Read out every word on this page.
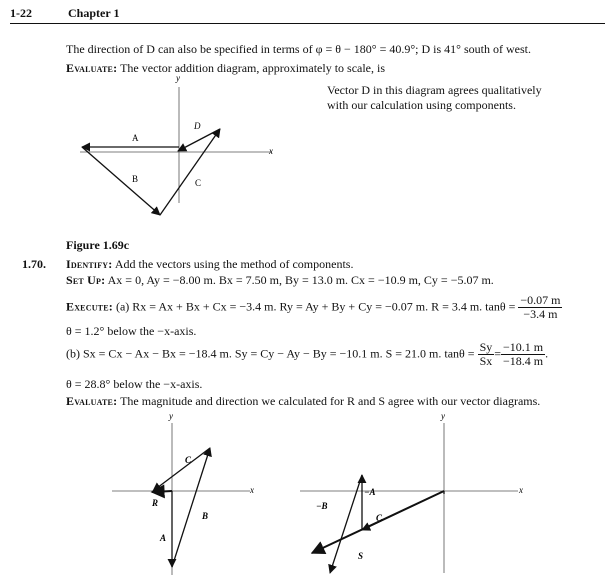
1-22	Chapter 1
The direction of D can also be specified in terms of φ = θ − 180° = 40.9°; D is 41° south of west.
Evaluate: The vector addition diagram, approximately to scale, is
Vector D in this diagram agrees qualitatively
with our calculation using components.
x
y
A
B	C
D
Figure 1.69c
1.70. Identify: Add the vectors using the method of components.
Set Up: Ax = 0, Ay = −8.00 m. Bx = 7.50 m, By = 13.0 m. Cx = −10.9 m, Cy = −5.07 m.
Execute: (a) Rx = Ax + Bx + Cx = −3.4 m. Ry = Ay + By + Cy = −0.07 m. R = 3.4 m. $\tan\theta = \frac{-0.07 m}{-3.4 m}$
θ = 1.2° below the −x-axis.
(b) Sx = Cx − Ax − Bx = −18.4 m. Sy = Cy − Ay − By = −10.1 m. S = 21.0 m. $\tan\theta = \frac{Sy}{Sx} = \frac{-10.1 m}{-18.4 m}$ .
θ = 28.8° below the −x-axis.
Evaluate: The magnitude and direction we calculated for R and S agree with our vector diagrams.
x
y
C
R
B
A
x
y
−A
−B
C
S
